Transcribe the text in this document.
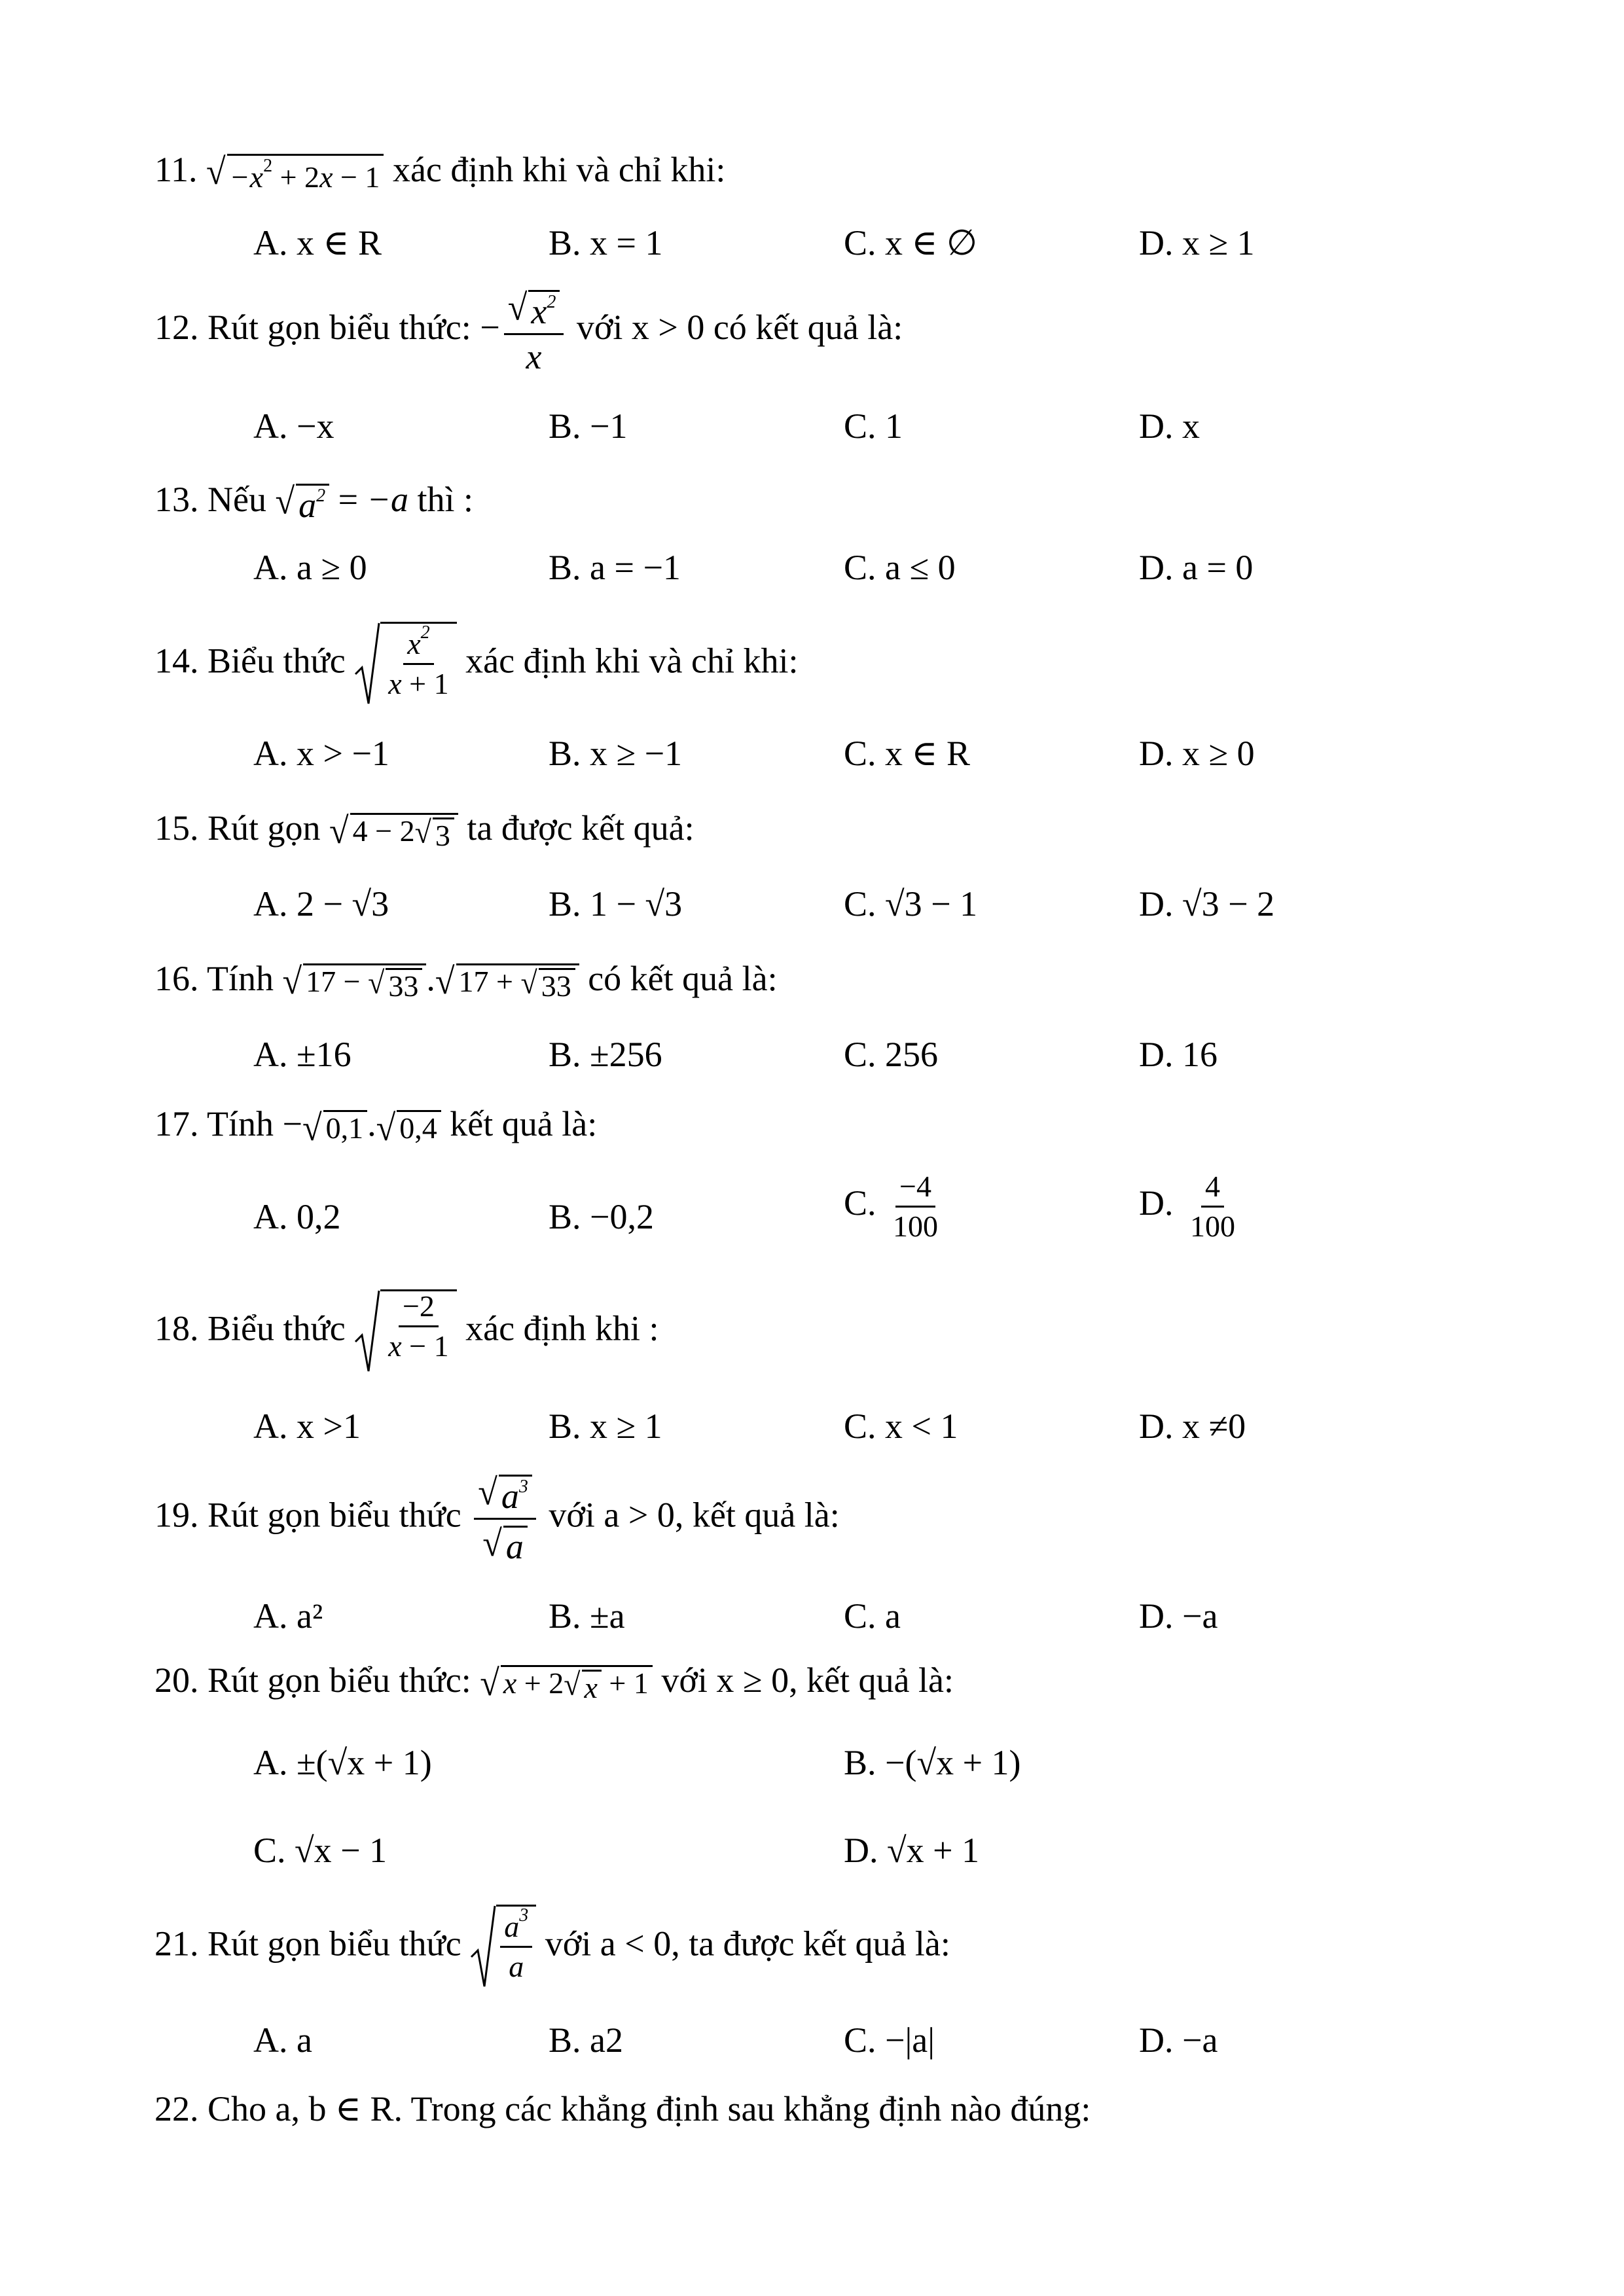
11. √ $-x^2 + 2x - 1$ xác định khi và chỉ khi:
A. x ∈ R	B. x = 1	C. x ∈ ∅	D. x ≥ 1
12. Rút gọn biểu thức: − $\frac{√ x^2}{x}$ với x > 0 có kết quả là:
A. −x	B. −1	C. 1	D. x
13. Nếu √ $a^2 = -a$ thì :
A. a ≥ 0	B. a = −1	C. a ≤ 0	D. a = 0
14. Biểu thức $\frac{x^2}{x + 1}$ xác định khi và chỉ khi:
A. x > −1	B. x ≥ −1	C. x ∈ R	D. x ≥ 0
15. Rút gọn √ 4 − 2 √ 3 ta được kết quả:
A. 2 − √3	B. 1 − √3	C. √3 − 1	D. √3 − 2
16. Tính √ 17 − √ 33 . √ 17 + √ 33 có kết quả là:
A. ±16	B. ±256	C. 256	D. 16
17. Tính − √ 0,1 . √ 0,4 kết quả là:
A. 0,2	B. −0,2	C. $\frac{-4}{100}$	D. $\frac{4}{100}$
18. Biểu thức $\frac{-2}{x - 1}$ xác định khi :
A. x >1	B. x ≥ 1	C. x < 1	D. x ≠0
19. Rút gọn biểu thức $\frac{√ a^3}{√ a}$ với a > 0, kết quả là:
A. a²	B. ±a	C. a	D. −a
20. Rút gọn biểu thức: √ x + 2 √ x + 1 với x ≥ 0, kết quả là:
A. ±(√x + 1)	B. −(√x + 1)
C. √x − 1	D. √x + 1
21. Rút gọn biểu thức $\frac{a^3}{a}$ với a < 0, ta được kết quả là:
A. a	B. a2	C. −|a|	D. −a
22. Cho a, b ∈ R. Trong các khẳng định sau khẳng định nào đúng:
